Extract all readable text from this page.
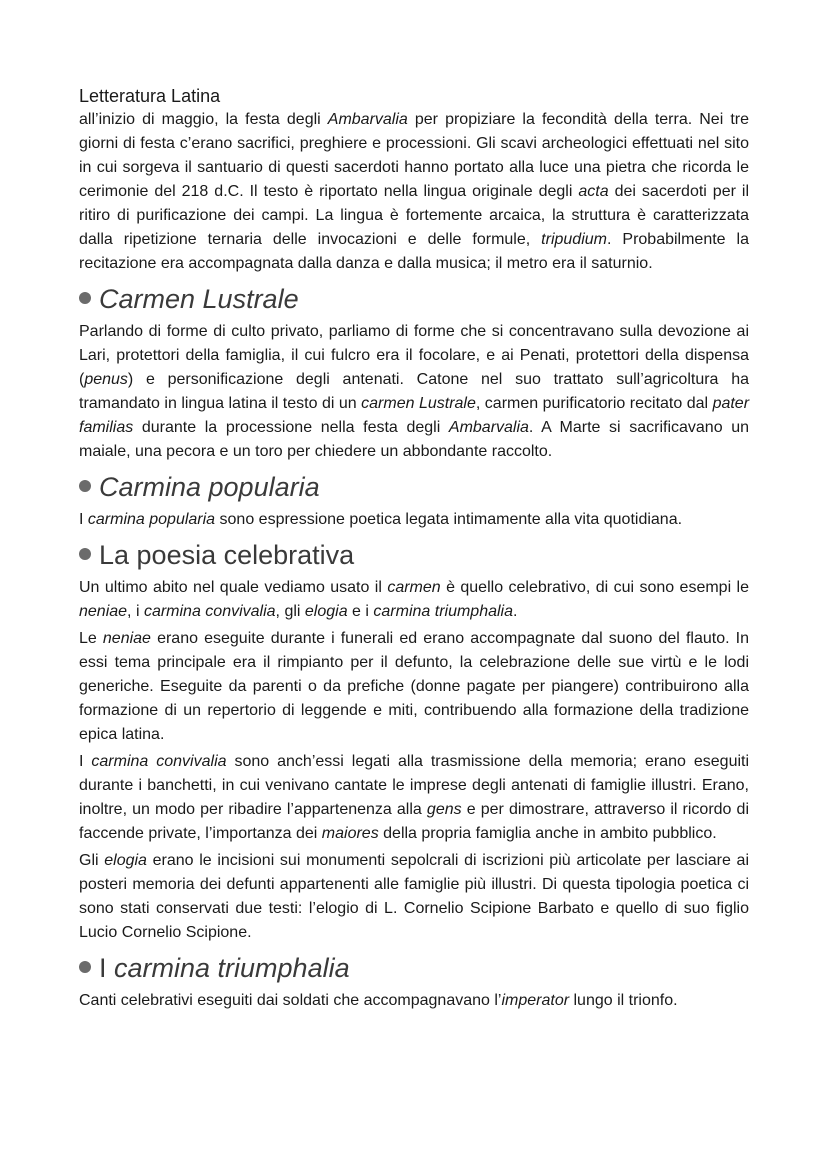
Letteratura Latina

all’inizio di maggio, la festa degli Ambarvalia per propiziare la fecondità della terra. Nei tre giorni di festa c’erano sacrifici, preghiere e processioni. Gli scavi archeologici effettuati nel sito in cui sorgeva il santuario di questi sacerdoti hanno portato alla luce una pietra che ricorda le cerimonie del 218 d.C. Il testo è riportato nella lingua originale degli acta dei sacerdoti per il ritiro di purificazione dei campi. La lingua è fortemente arcaica, la struttura è caratterizzata dalla ripetizione ternaria delle invocazioni e delle formule, tripudium. Probabilmente la recitazione era accompagnata dalla danza e dalla musica; il metro era il saturnio.

Carmen Lustrale

Parlando di forme di culto privato, parliamo di forme che si concentravano sulla devozione ai Lari, protettori della famiglia, il cui fulcro era il focolare, e ai Penati, protettori della dispensa (penus) e personificazione degli antenati. Catone nel suo trattato sull’agricoltura ha tramandato in lingua latina il testo di un carmen Lustrale, carmen purificatorio recitato dal pater familias durante la processione nella festa degli Ambarvalia. A Marte si sacrificavano un maiale, una pecora e un toro per chiedere un abbondante raccolto.

Carmina popularia

I carmina popularia sono espressione poetica legata intimamente alla vita quotidiana.

La poesia celebrativa

Un ultimo abito nel quale vediamo usato il carmen è quello celebrativo, di cui sono esempi le neniae, i carmina convivalia, gli elogia e i carmina triumphalia.

Le neniae erano eseguite durante i funerali ed erano accompagnate dal suono del flauto. In essi tema principale era il rimpianto per il defunto, la celebrazione delle sue virtù e le lodi generiche. Eseguite da parenti o da prefiche (donne pagate per piangere) contribuirono alla formazione di un repertorio di leggende e miti, contribuendo alla formazione della tradizione epica latina.

I carmina convivalia sono anch’essi legati alla trasmissione della memoria; erano eseguiti durante i banchetti, in cui venivano cantate le imprese degli antenati di famiglie illustri. Erano, inoltre, un modo per ribadire l’appartenenza alla gens e per dimostrare, attraverso il ricordo di faccende private, l’importanza dei maiores della propria famiglia anche in ambito pubblico.

Gli elogia erano le incisioni sui monumenti sepolcrali di iscrizioni più articolate per lasciare ai posteri memoria dei defunti appartenenti alle famiglie più illustri. Di questa tipologia poetica ci sono stati conservati due testi: l’elogio di L. Cornelio Scipione Barbato e quello di suo figlio Lucio Cornelio Scipione.

I carmina triumphalia

Canti celebrativi eseguiti dai soldati che accompagnavano l’imperator lungo il trionfo.
